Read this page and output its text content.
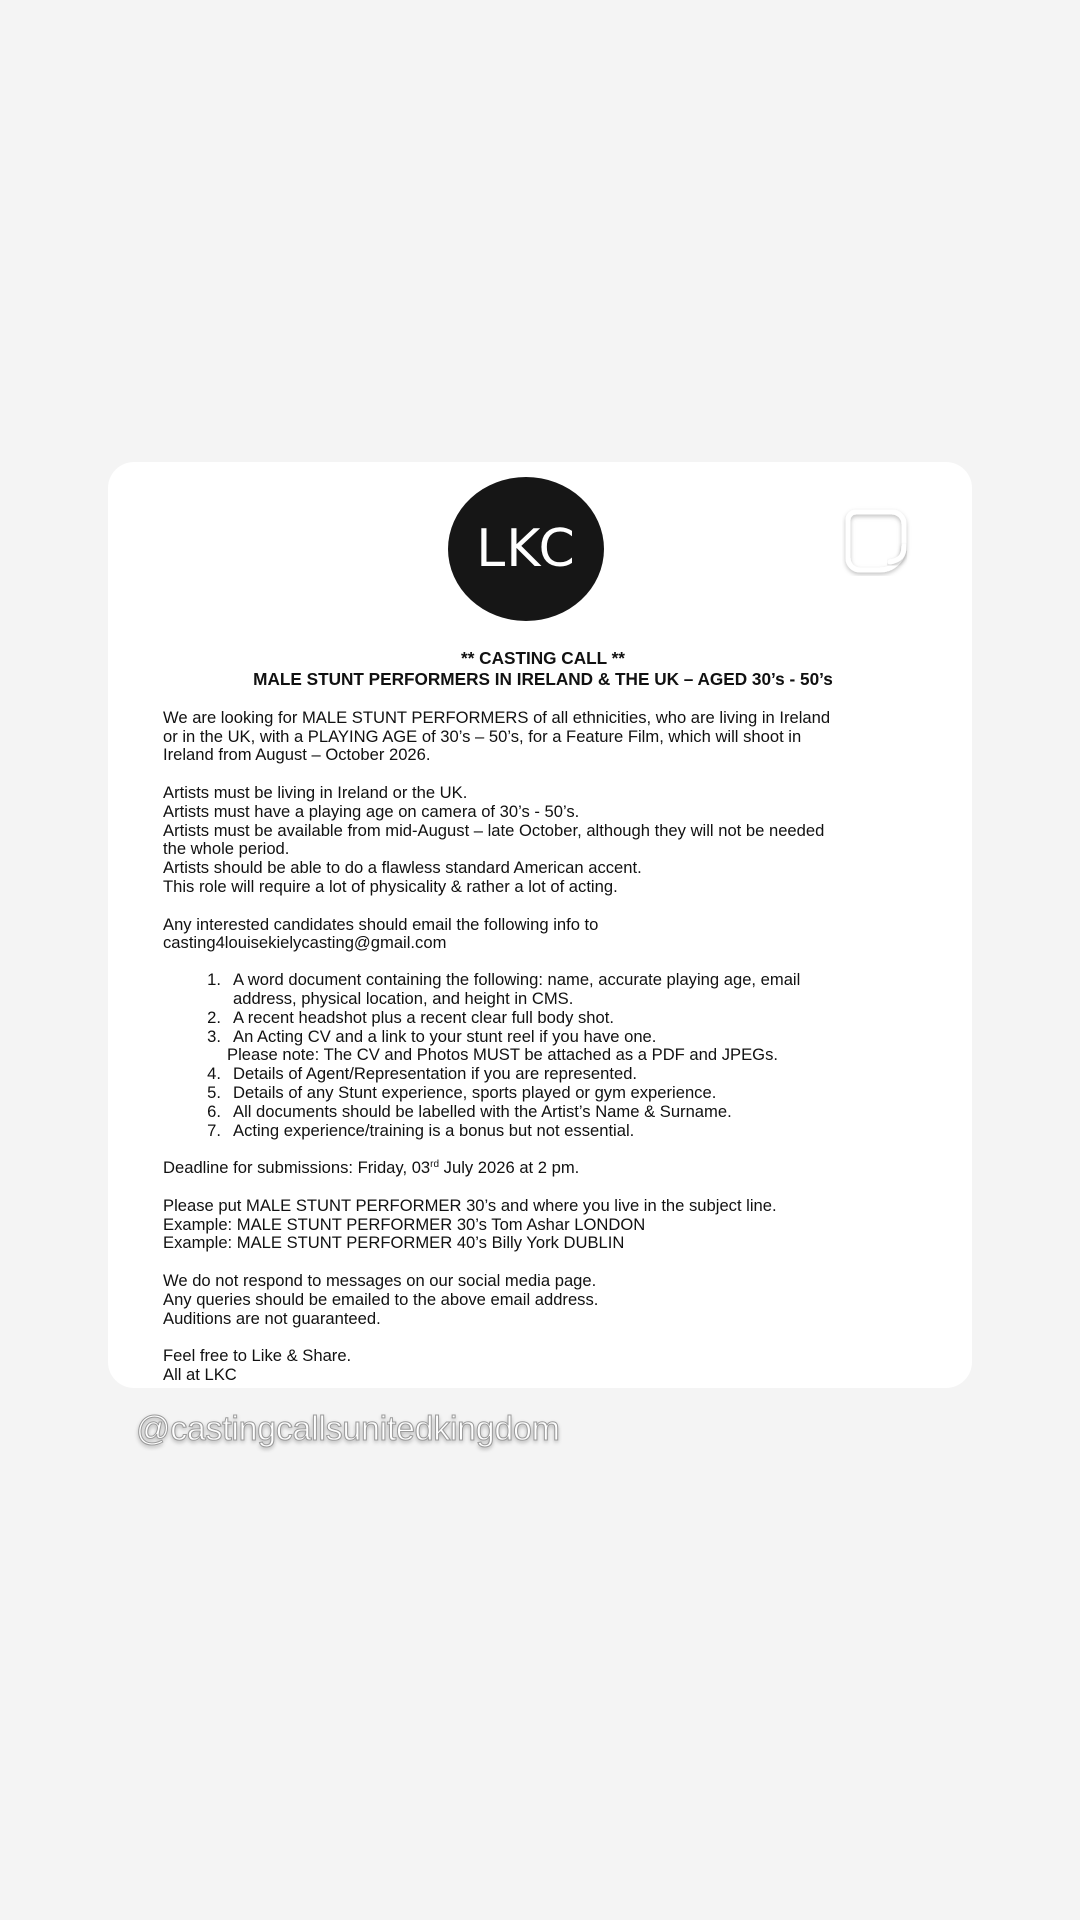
LKC
** CASTING CALL **
MALE STUNT PERFORMERS IN IRELAND & THE UK – AGED 30’s - 50’s
We are looking for MALE STUNT PERFORMERS of all ethnicities, who are living in Ireland
or in the UK, with a PLAYING AGE of 30’s – 50’s, for a Feature Film, which will shoot in
Ireland from August – October 2026.
Artists must be living in Ireland or the UK.
Artists must have a playing age on camera of 30’s - 50’s.
Artists must be available from mid-August – late October, although they will not be needed
the whole period.
Artists should be able to do a flawless standard American accent.
This role will require a lot of physicality & rather a lot of acting.
Any interested candidates should email the following info to
casting4louisekielycasting@gmail.com
1. A word document containing the following: name, accurate playing age, email
address, physical location, and height in CMS.
2. A recent headshot plus a recent clear full body shot.
3. An Acting CV and a link to your stunt reel if you have one.
Please note: The CV and Photos MUST be attached as a PDF and JPEGs.
4. Details of Agent/Representation if you are represented.
5. Details of any Stunt experience, sports played or gym experience.
6. All documents should be labelled with the Artist’s Name & Surname.
7. Acting experience/training is a bonus but not essential.
Deadline for submissions: Friday, 03rd July 2026 at 2 pm.
Please put MALE STUNT PERFORMER 30’s and where you live in the subject line.
Example: MALE STUNT PERFORMER 30’s Tom Ashar LONDON
Example: MALE STUNT PERFORMER 40’s Billy York DUBLIN
We do not respond to messages on our social media page.
Any queries should be emailed to the above email address.
Auditions are not guaranteed.
Feel free to Like & Share.
All at LKC
@castingcallsunitedkingdom
